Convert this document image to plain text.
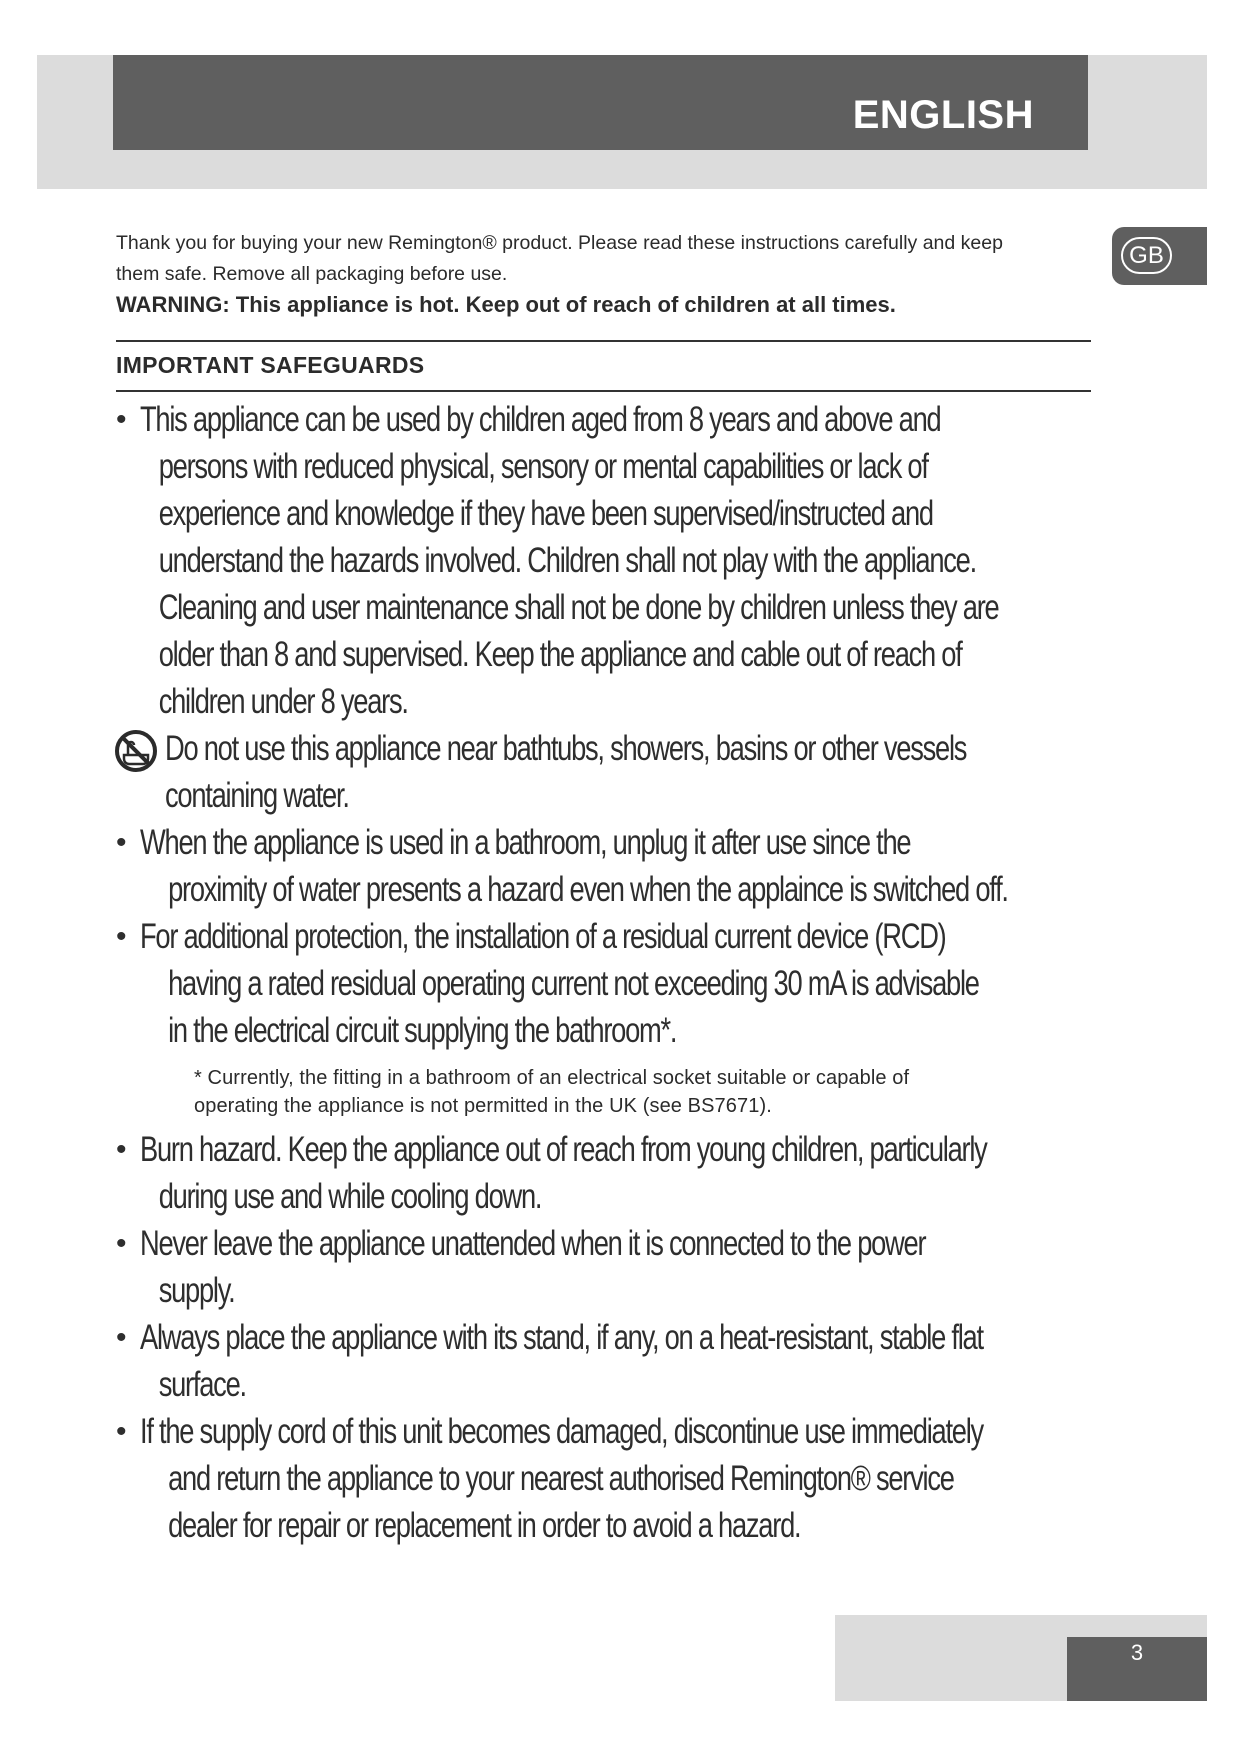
ENGLISH
GB

Thank you for buying your new Remington® product. Please read these instructions carefully and keep
them safe. Remove all packaging before use.

WARNING: This appliance is hot. Keep out of reach of children at all times.

IMPORTANT SAFEGUARDS
• This appliance can be used by children aged from 8 years and above and
persons with reduced physical, sensory or mental capabilities or lack of
experience and knowledge if they have been supervised/instructed and
understand the hazards involved. Children shall not play with the appliance.
Cleaning and user maintenance shall not be done by children unless they are
older than 8 and supervised. Keep the appliance and cable out of reach of
children under 8 years.
Do not use this appliance near bathtubs, showers, basins or other vessels
containing water.
• When the appliance is used in a bathroom, unplug it after use since the
proximity of water presents a hazard even when the applaince is switched off.
• For additional protection, the installation of a residual current device (RCD)
having a rated residual operating current not exceeding 30 mA is advisable
in the electrical circuit supplying the bathroom*.
* Currently, the fitting in a bathroom of an electrical socket suitable or capable of
operating the appliance is not permitted in the UK (see BS7671).
• Burn hazard. Keep the appliance out of reach from young children, particularly
during use and while cooling down.
• Never leave the appliance unattended when it is connected to the power
supply.
• Always place the appliance with its stand, if any, on a heat-resistant, stable flat
surface.
• If the supply cord of this unit becomes damaged, discontinue use immediately
and return the appliance to your nearest authorised Remington® service
dealer for repair or replacement in order to avoid a hazard.
3
